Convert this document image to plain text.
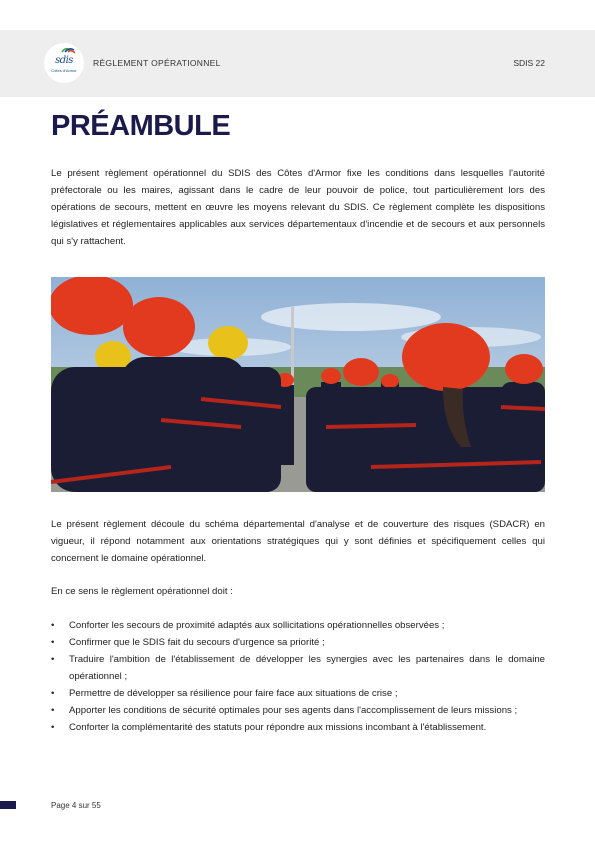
sdis
Côtes d'Armor
RÈGLEMENT OPÉRATIONNEL	SDIS 22
PRÉAMBULE
Le présent règlement opérationnel du SDIS des Côtes d'Armor fixe les conditions dans lesquelles l'autorité préfectorale ou les maires, agissant dans le cadre de leur pouvoir de police, tout particulièrement lors des opérations de secours, mettent en œuvre les moyens relevant du SDIS. Ce règlement complète les dispositions législatives et réglementaires applicables aux services départementaux d'incendie et de secours et aux personnels qui s'y rattachent.
Le présent règlement découle du schéma départemental d'analyse et de couverture des risques (SDACR) en vigueur, il répond notamment aux orientations stratégiques qui y sont définies et spécifiquement celles qui concernent le domaine opérationnel.
En ce sens le règlement opérationnel doit :
• Conforter les secours de proximité adaptés aux sollicitations opérationnelles observées ;
• Confirmer que le SDIS fait du secours d'urgence sa priorité ;
• Traduire l'ambition de l'établissement de développer les synergies avec les partenaires dans le domaine opérationnel ;
• Permettre de développer sa résilience pour faire face aux situations de crise ;
• Apporter les conditions de sécurité optimales pour ses agents dans l'accomplissement de leurs missions ;
• Conforter la complémentarité des statuts pour répondre aux missions incombant à l'établissement.
Page 4 sur 55
